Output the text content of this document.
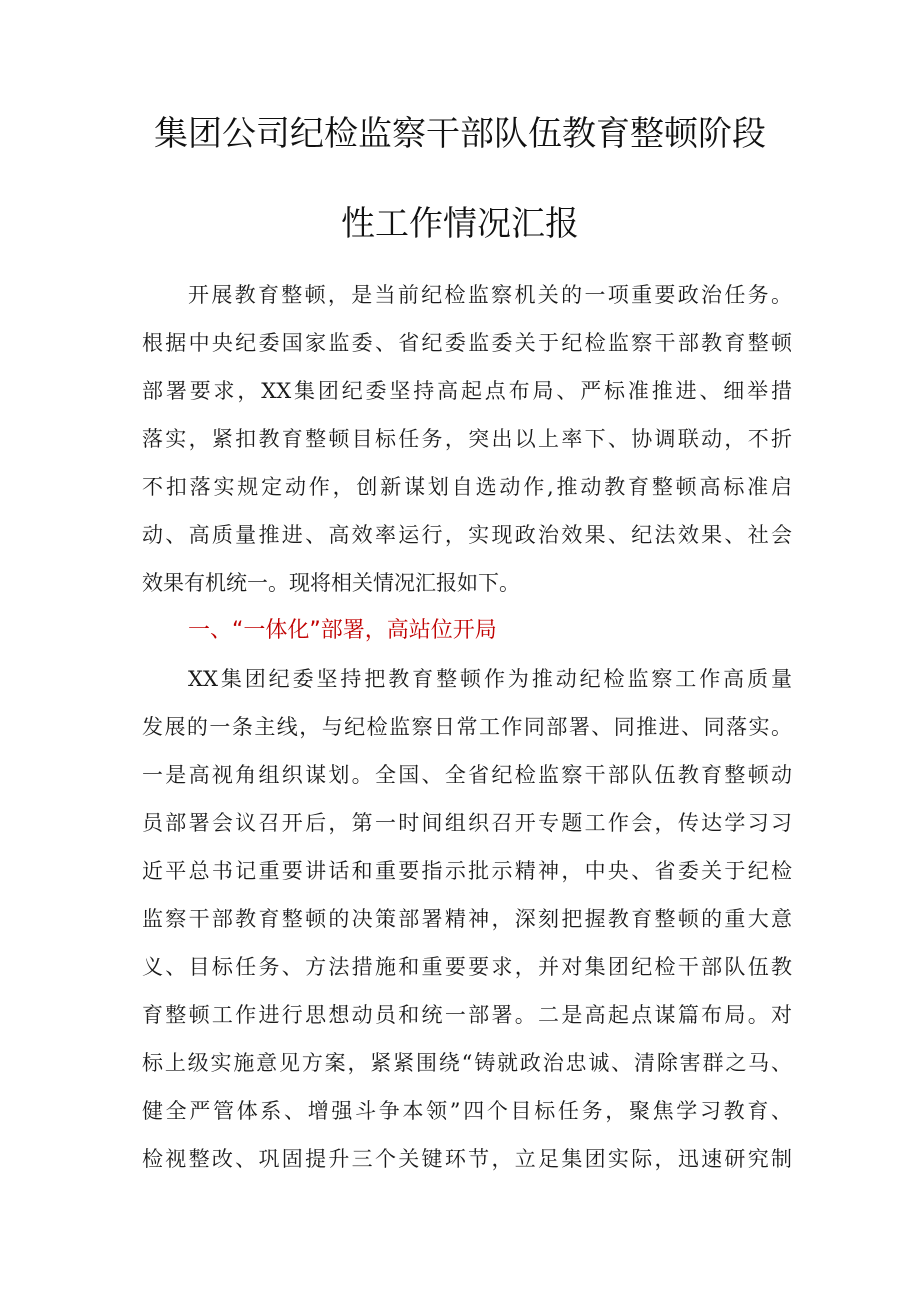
集团公司纪检监察干部队伍教育整顿阶段
性工作情况汇报
开展教育整顿，是当前纪检监察机关的一项重要政治任务。
根据中央纪委国家监委、省纪委监委关于纪检监察干部教育整顿
部署要求，XX集团纪委坚持高起点布局、严标准推进、细举措
落实，紧扣教育整顿目标任务，突出以上率下、协调联动，不折
不扣落实规定动作，创新谋划自选动作,推动教育整顿高标准启
动、高质量推进、高效率运行，实现政治效果、纪法效果、社会
效果有机统一。现将相关情况汇报如下。
一、“一体化”部署，高站位开局
XX集团纪委坚持把教育整顿作为推动纪检监察工作高质量
发展的一条主线，与纪检监察日常工作同部署、同推进、同落实。
一是高视角组织谋划。全国、全省纪检监察干部队伍教育整顿动
员部署会议召开后，第一时间组织召开专题工作会，传达学习习
近平总书记重要讲话和重要指示批示精神，中央、省委关于纪检
监察干部教育整顿的决策部署精神，深刻把握教育整顿的重大意
义、目标任务、方法措施和重要要求，并对集团纪检干部队伍教
育整顿工作进行思想动员和统一部署。二是高起点谋篇布局。对
标上级实施意见方案，紧紧围绕“铸就政治忠诚、清除害群之马、
健全严管体系、增强斗争本领”四个目标任务，聚焦学习教育、
检视整改、巩固提升三个关键环节，立足集团实际，迅速研究制
